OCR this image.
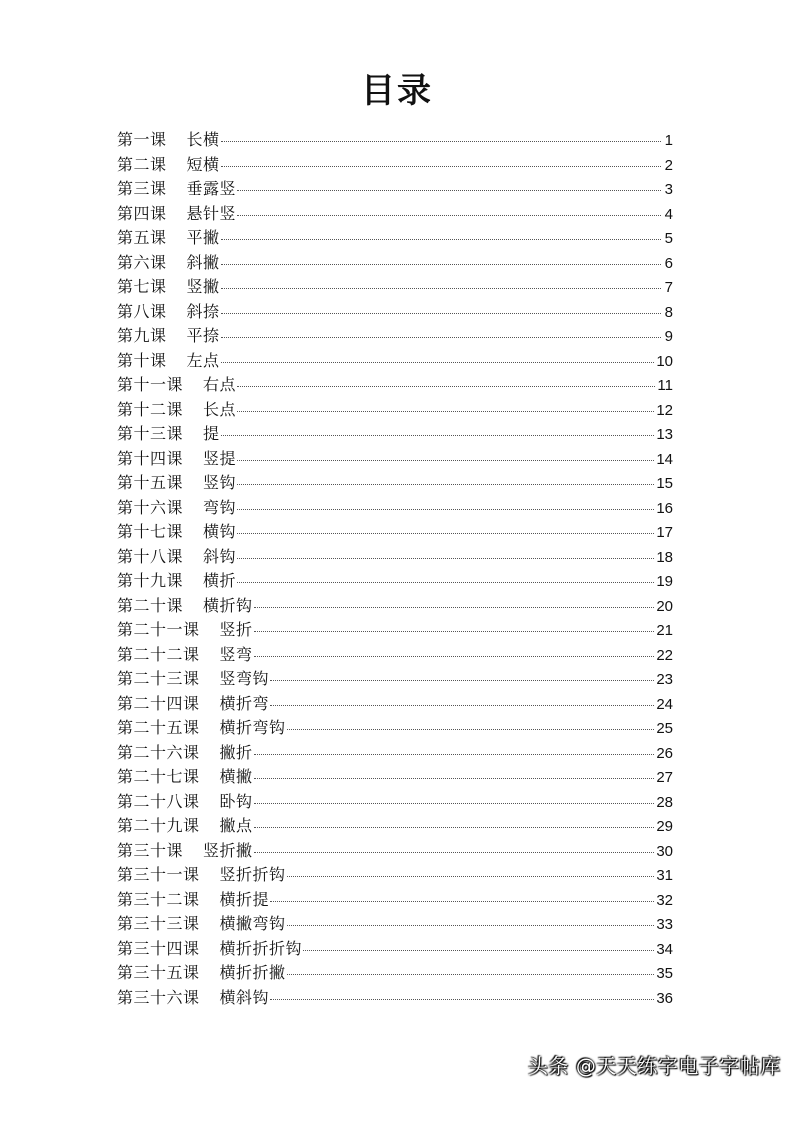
目录
第一课 长横	1
第二课 短横	2
第三课 垂露竖	3
第四课 悬针竖	4
第五课 平撇	5
第六课 斜撇	6
第七课 竖撇	7
第八课 斜捺	8
第九课 平捺	9
第十课 左点	10
第十一课 右点	11
第十二课 长点	12
第十三课 提	13
第十四课 竖提	14
第十五课 竖钩	15
第十六课 弯钩	16
第十七课 横钩	17
第十八课 斜钩	18
第十九课 横折	19
第二十课 横折钩	20
第二十一课 竖折	21
第二十二课 竖弯	22
第二十三课 竖弯钩	23
第二十四课 横折弯	24
第二十五课 横折弯钩	25
第二十六课 撇折	26
第二十七课 横撇	27
第二十八课 卧钩	28
第二十九课 撇点	29
第三十课 竖折撇	30
第三十一课 竖折折钩	31
第三十二课 横折提	32
第三十三课 横撇弯钩	33
第三十四课 横折折折钩	34
第三十五课 横折折撇	35
第三十六课 横斜钩	36
头条 @天天练字电子字帖库
